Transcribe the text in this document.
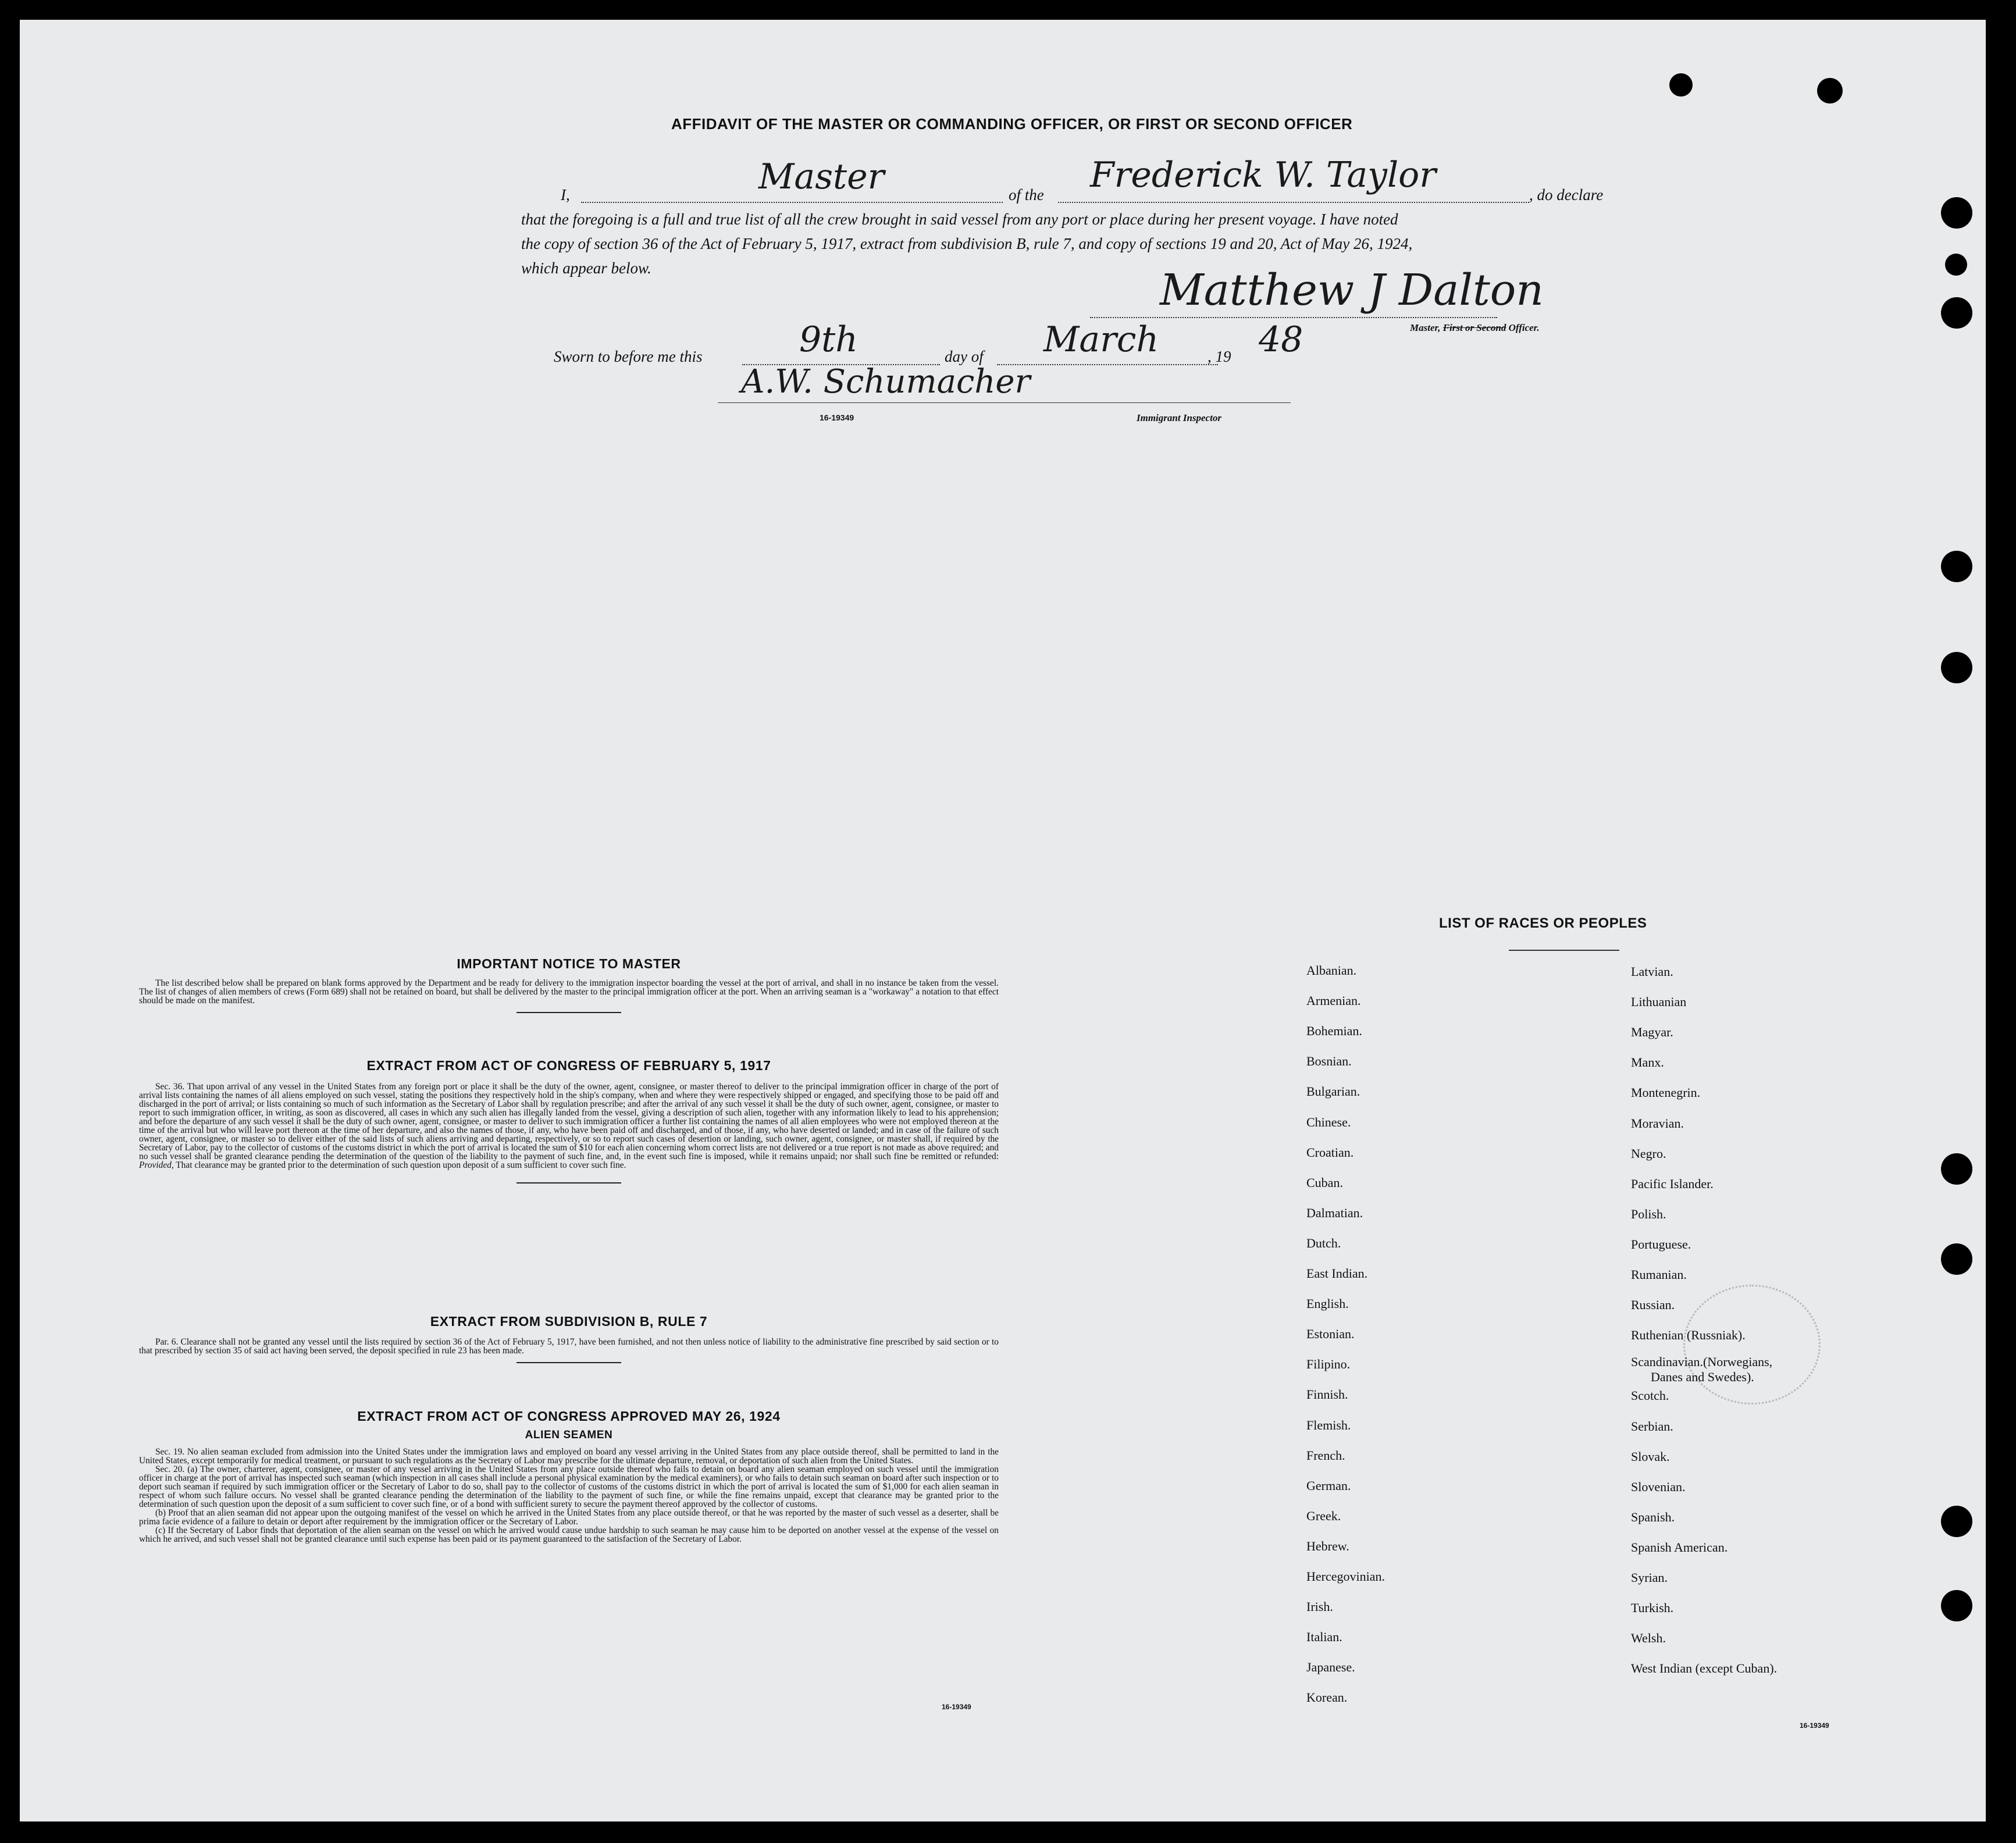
AFFIDAVIT OF THE MASTER OR COMMANDING OFFICER, OR FIRST OR SECOND OFFICER
I,	Master	of the Frederick W. Taylor	, do declare
that the foregoing is a full and true list of all the crew brought in said vessel from any port or place during her present voyage. I have noted
the copy of section 36 of the Act of February 5, 1917, extract from subdivision B, rule 7, and copy of sections 19 and 20, Act of May 26, 1924,
which appear below.	Matthew J Dalton
Master, First or Second Officer.
Sworn to before me this	9th	day of March	, 19 48
A.W. Schumacher
16-19349	Immigrant Inspector
IMPORTANT NOTICE TO MASTER

The list described below shall be prepared on blank forms approved by the Department and be ready for delivery to the immigration inspector boarding the vessel at the port of arrival, and shall in no instance be taken from the vessel. The list of changes of alien members of crews (Form 689) shall not be retained on board, but shall be delivered by the master to the principal immigration officer at the port. When an arriving seaman is a "workaway" a notation to that effect should be made on the manifest.

EXTRACT FROM ACT OF CONGRESS OF FEBRUARY 5, 1917

Sec. 36. That upon arrival of any vessel in the United States from any foreign port or place it shall be the duty of the owner, agent, consignee, or master thereof to deliver to the principal immigration officer in charge of the port of arrival lists containing the names of all aliens employed on such vessel, stating the positions they respectively hold in the ship's company, when and where they were respectively shipped or engaged, and specifying those to be paid off and discharged in the port of arrival; or lists containing so much of such information as the Secretary of Labor shall by regulation prescribe; and after the arrival of any such vessel it shall be the duty of such owner, agent, consignee, or master to report to such immigration officer, in writing, as soon as discovered, all cases in which any such alien has illegally landed from the vessel, giving a description of such alien, together with any information likely to lead to his apprehension; and before the departure of any such vessel it shall be the duty of such owner, agent, consignee, or master to deliver to such immigration officer a further list containing the names of all alien employees who were not employed thereon at the time of the arrival but who will leave port thereon at the time of her departure, and also the names of those, if any, who have been paid off and discharged, and of those, if any, who have deserted or landed; and in case of the failure of such owner, agent, consignee, or master so to deliver either of the said lists of such aliens arriving and departing, respectively, or so to report such cases of desertion or landing, such owner, agent, consignee, or master shall, if required by the Secretary of Labor, pay to the collector of customs of the customs district in which the port of arrival is located the sum of $10 for each alien concerning whom correct lists are not delivered or a true report is not made as above required; and no such vessel shall be granted clearance pending the determination of the question of the liability to the payment of such fine, and, in the event such fine is imposed, while it remains unpaid; nor shall such fine be remitted or refunded: Provided, That clearance may be granted prior to the determination of such question upon deposit of a sum sufficient to cover such fine.

EXTRACT FROM SUBDIVISION B, RULE 7

Par. 6. Clearance shall not be granted any vessel until the lists required by section 36 of the Act of February 5, 1917, have been furnished, and not then unless notice of liability to the administrative fine prescribed by said section or to that prescribed by section 35 of said act having been served, the deposit specified in rule 23 has been made.

EXTRACT FROM ACT OF CONGRESS APPROVED MAY 26, 1924
ALIEN SEAMEN

Sec. 19. No alien seaman excluded from admission into the United States under the immigration laws and employed on board any vessel arriving in the United States from any place outside thereof, shall be permitted to land in the United States, except temporarily for medical treatment, or pursuant to such regulations as the Secretary of Labor may prescribe for the ultimate departure, removal, or deportation of such alien from the United States.

Sec. 20. (a) The owner, charterer, agent, consignee, or master of any vessel arriving in the United States from any place outside thereof who fails to detain on board any alien seaman employed on such vessel until the immigration officer in charge at the port of arrival has inspected such seaman (which inspection in all cases shall include a personal physical examination by the medical examiners), or who fails to detain such seaman on board after such inspection or to deport such seaman if required by such immigration officer or the Secretary of Labor to do so, shall pay to the collector of customs of the customs district in which the port of arrival is located the sum of $1,000 for each alien seaman in respect of whom such failure occurs. No vessel shall be granted clearance pending the determination of the liability to the payment of such fine, or while the fine remains unpaid, except that clearance may be granted prior to the determination of such question upon the deposit of a sum sufficient to cover such fine, or of a bond with sufficient surety to secure the payment thereof approved by the collector of customs.

(b) Proof that an alien seaman did not appear upon the outgoing manifest of the vessel on which he arrived in the United States from any place outside thereof, or that he was reported by the master of such vessel as a deserter, shall be prima facie evidence of a failure to detain or deport after requirement by the immigration officer or the Secretary of Labor.

(c) If the Secretary of Labor finds that deportation of the alien seaman on the vessel on which he arrived would cause undue hardship to such seaman he may cause him to be deported on another vessel at the expense of the vessel on which he arrived, and such vessel shall not be granted clearance until such expense has been paid or its payment guaranteed to the satisfaction of the Secretary of Labor.

16-19349
LIST OF RACES OR PEOPLES
16-19349
Albanian.
Armenian.
Bohemian.
Bosnian.
Bulgarian.
Chinese.
Croatian.
Cuban.
Dalmatian.
Dutch.
East Indian.
English.
Estonian.
Filipino.
Finnish.
Flemish.
French.
German.
Greek.
Hebrew.
Hercegovinian.
Irish.
Italian.
Japanese.
Korean.
Latvian.
Lithuanian
Magyar.
Manx.
Montenegrin.
Moravian.
Negro.
Pacific Islander.
Polish.
Portuguese.
Rumanian.
Russian.
Ruthenian (Russniak).
Scandinavian.(Norwegians,
Danes and Swedes).
Scotch.
Serbian.
Slovak.
Slovenian.
Spanish.
Spanish American.
Syrian.
Turkish.
Welsh.
West Indian (except Cuban).
